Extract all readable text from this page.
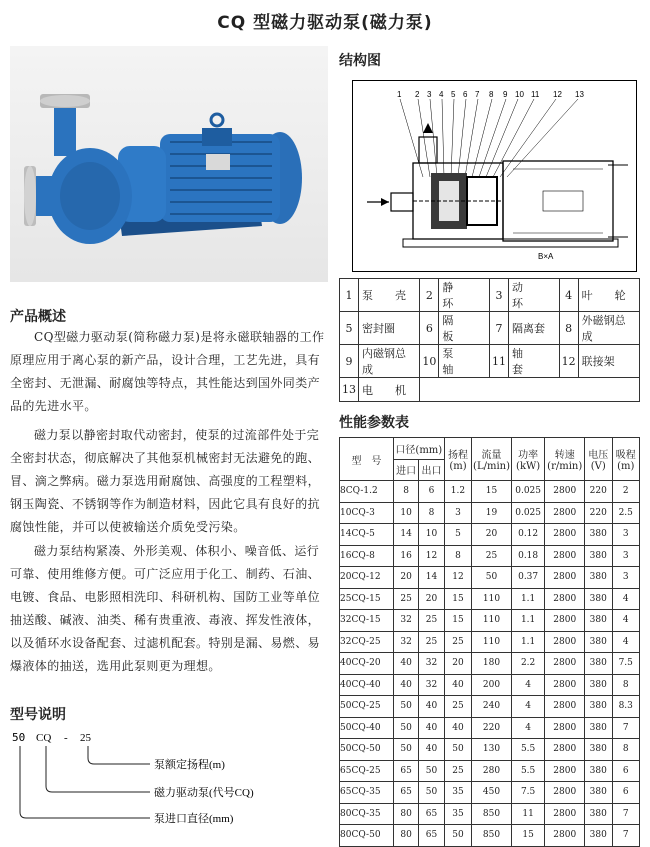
CQ 型磁力驱动泵(磁力泵)
产品概述

CQ型磁力驱动泵(简称磁力泵)是将永磁联轴器的工作原理应用于离心泵的新产品，设计合理，工艺先进，具有全密封、无泄漏、耐腐蚀等特点，其性能达到国外同类产品的先进水平。

磁力泵以静密封取代动密封，使泵的过流部件处于完全密封状态，彻底解决了其他泵机械密封无法避免的跑、冒、滴之弊病。磁力泵选用耐腐蚀、高强度的工程塑料，钢玉陶瓷、不锈钢等作为制造材料，因此它具有良好的抗腐蚀性能，并可以使被输送介质免受污染。

磁力泵结构紧凑、外形美观、体积小、噪音低、运行可靠、使用维修方便。可广泛应用于化工、制药、石油、电镀、食品、电影照相洗印、科研机构、国防工业等单位抽送酸、碱液、油类、稀有贵重液、毒液、挥发性液体，以及循环水设备配套、过滤机配套。特别是漏、易燃、易爆液体的抽送，选用此泵则更为理想。

结构图
1 2 3 4 5 6 7 8 9 10 11 12 13
B×A
1	泵　　壳	2	静　　环	3	动　　环	4	叶　　轮
5	密封圈	6	隔　　板	7	隔离套	8	外磁钢总成
9	内磁钢总成	10	泵　　轴	11	轴　　套	12	联接架
13	电　　机						
性能参数表
型　号	口径(mm)		扬程(m)	流量(L/min)	功率(kW)	转速(r/min)	电压(V)	吸程(m)
	进口	出口						
8CQ-1.2	8	6	1.2	15	0.025	2800	220	2
10CQ-3	10	8	3	19	0.025	2800	220	2.5
14CQ-5	14	10	5	20	0.12	2800	380	3
16CQ-8	16	12	8	25	0.18	2800	380	3
20CQ-12	20	14	12	50	0.37	2800	380	3
25CQ-15	25	20	15	110	1.1	2800	380	4
32CQ-15	32	25	15	110	1.1	2800	380	4
32CQ-25	32	25	25	110	1.1	2800	380	4
40CQ-20	40	32	20	180	2.2	2800	380	7.5
40CQ-40	40	32	40	200	4	2800	380	8
50CQ-25	50	40	25	240	4	2800	380	8.3
50CQ-40	50	40	40	220	4	2800	380	7
50CQ-50	50	40	50	130	5.5	2800	380	8
65CQ-25	65	50	25	280	5.5	2800	380	6
65CQ-35	65	50	35	450	7.5	2800	380	6
80CQ-35	80	65	35	850	11	2800	380	7
80CQ-50	80	65	50	850	15	2800	380	7
型号说明
50 CQ - 25
泵额定扬程(m)
磁力驱动泵(代号CQ)
泵进口直径(mm)
